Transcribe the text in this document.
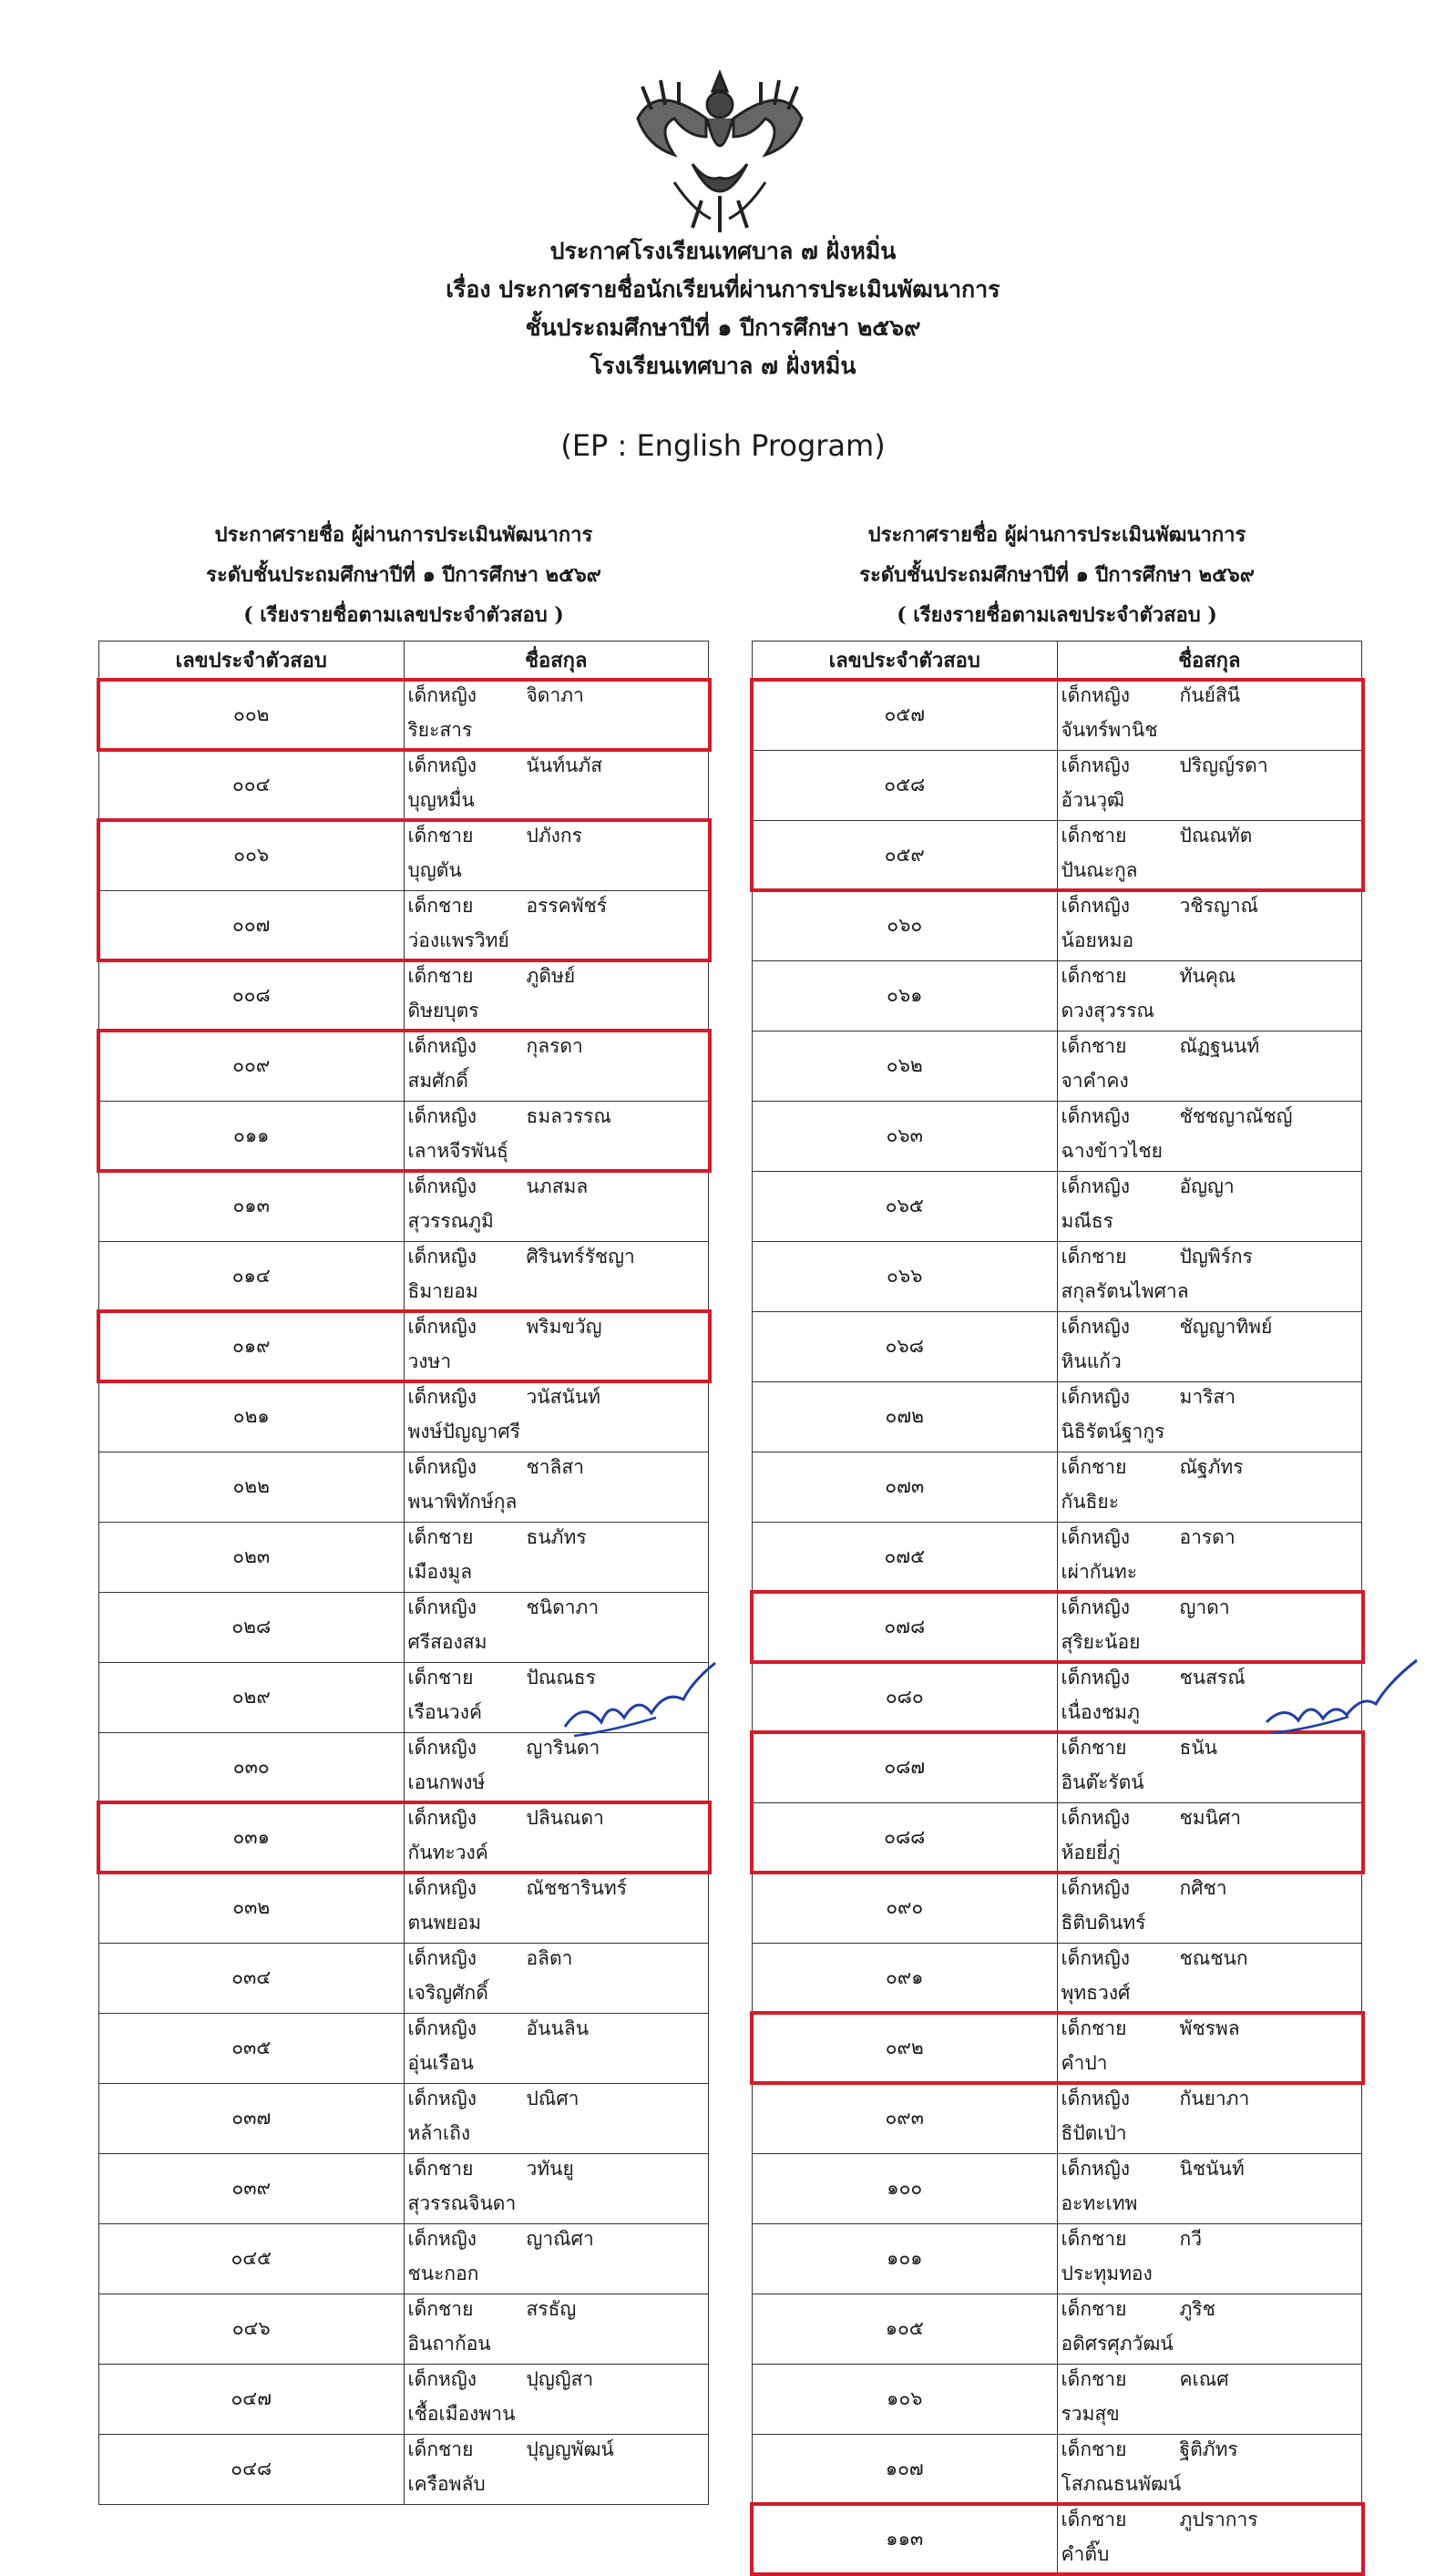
ประกาศโรงเรียนเทศบาล ๗ ฝั่งหมิ่น
เรื่อง ประกาศรายชื่อนักเรียนที่ผ่านการประเมินพัฒนาการ
ชั้นประถมศึกษาปีที่ ๑ ปีการศึกษา ๒๕๖๙
โรงเรียนเทศบาล ๗ ฝั่งหมิ่น
(EP : English Program)
ประกาศรายชื่อ ผู้ผ่านการประเมินพัฒนาการ
ระดับชั้นประถมศึกษาปีที่ ๑ ปีการศึกษา ๒๕๖๙
( เรียงรายชื่อตามเลขประจำตัวสอบ )
เลขประจำตัวสอบ	ชื่อสกุล
๐๐๒	เด็กหญิง จิดาภาริยะสาร
๐๐๔	เด็กหญิง นันท์นภัสบุญหมื่น
๐๐๖	เด็กชาย ปภังกรบุญตัน
๐๐๗	เด็กชาย อรรคพัชร์ว่องแพรวิทย์
๐๐๘	เด็กชาย ภูดิษย์ดิษยบุตร
๐๐๙	เด็กหญิง กุลรดาสมศักดิ์
๐๑๑	เด็กหญิง ธมลวรรณเลาหจีรพันธุ์
๐๑๓	เด็กหญิง นภสมลสุวรรณภูมิ
๐๑๔	เด็กหญิง ศิรินทร์รัชญาธิมายอม
๐๑๙	เด็กหญิง พริมขวัญวงษา
๐๒๑	เด็กหญิง วนัสนันท์พงษ์ปัญญาศรี
๐๒๒	เด็กหญิง ชาลิสาพนาพิทักษ์กุล
๐๒๓	เด็กชาย ธนภัทรเมืองมูล
๐๒๘	เด็กหญิง ชนิดาภาศรีสองสม
๐๒๙	เด็กชาย ปัณณธรเรือนวงค์
๐๓๐	เด็กหญิง ญารินดาเอนกพงษ์
๐๓๑	เด็กหญิง ปลินณดากันทะวงค์
๐๓๒	เด็กหญิง ณัชชารินทร์ตนพยอม
๐๓๔	เด็กหญิง อลิตาเจริญศักดิ์
๐๓๕	เด็กหญิง อันนลินอุ่นเรือน
๐๓๗	เด็กหญิง ปณิศาหล้าเถิง
๐๓๙	เด็กชาย วทันยูสุวรรณจินดา
๐๔๕	เด็กหญิง ญาณิศาชนะกอก
๐๔๖	เด็กชาย สรธัญอินถาก้อน
๐๔๗	เด็กหญิง ปุญญิสาเชื้อเมืองพาน
๐๔๘	เด็กชาย ปุญญพัฒน์เครือพลับ
ประกาศรายชื่อ ผู้ผ่านการประเมินพัฒนาการ
ระดับชั้นประถมศึกษาปีที่ ๑ ปีการศึกษา ๒๕๖๙
( เรียงรายชื่อตามเลขประจำตัวสอบ )
เลขประจำตัวสอบ	ชื่อสกุล
๐๕๗	เด็กหญิง กันย์สินีจันทร์พานิช
๐๕๘	เด็กหญิง ปริญญ์รดาอ้วนวุฒิ
๐๕๙	เด็กชาย ปัณณทัตปันณะกูล
๐๖๐	เด็กหญิง วชิรญาณ์น้อยหมอ
๐๖๑	เด็กชาย ทันคุณดวงสุวรรณ
๐๖๒	เด็กชาย ณัฏฐนนท์จาคำคง
๐๖๓	เด็กหญิง ชัชชญาณัชญ์ฉางข้าวไชย
๐๖๕	เด็กหญิง อัญญามณีธร
๐๖๖	เด็กชาย ปัญพิร์กรสกุลรัตนไพศาล
๐๖๘	เด็กหญิง ชัญญาทิพย์หินแก้ว
๐๗๒	เด็กหญิง มาริสานิธิรัตน์ฐากูร
๐๗๓	เด็กชาย ณัฐภัทรกันธิยะ
๐๗๕	เด็กหญิง อารดาเผ่ากันทะ
๐๗๘	เด็กหญิง ญาดาสุริยะน้อย
๐๘๐	เด็กหญิง ชนสรณ์เนื่องชมภู
๐๘๗	เด็กชาย ธนันอินต๊ะรัตน์
๐๘๘	เด็กหญิง ชมนิศาห้อยยี่ภู่
๐๙๐	เด็กหญิง กศิชาธิติบดินทร์
๐๙๑	เด็กหญิง ชณชนกพุทธวงศ์
๐๙๒	เด็กชาย พัชรพลคำปา
๐๙๓	เด็กหญิง กันยาภาธิปัตเป่า
๑๐๐	เด็กหญิง นิชนันท์อะทะเทพ
๑๐๑	เด็กชาย กวีประทุมทอง
๑๐๕	เด็กชาย ภูริชอดิศรศุภวัฒน์
๑๐๖	เด็กชาย คเณศรวมสุข
๑๐๗	เด็กชาย ฐิติภัทรโสภณธนพัฒน์
๑๑๓	เด็กชาย ภูปราการคำติ๊บ
